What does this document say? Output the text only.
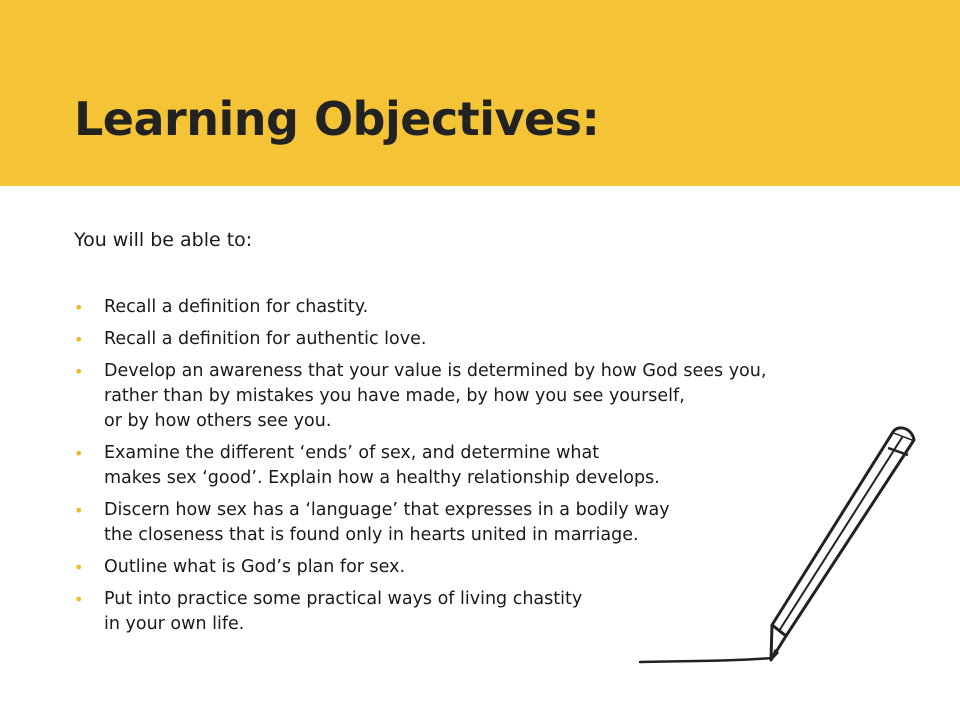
Learning Objectives:

You will be able to:

• Recall a definition for chastity.
• Recall a definition for authentic love.
• Develop an awareness that your value is determined by how God sees you,
rather than by mistakes you have made, by how you see yourself,
or by how others see you.
• Examine the different ‘ends’ of sex, and determine what
makes sex ‘good’. Explain how a healthy relationship develops.
• Discern how sex has a ‘language’ that expresses in a bodily way
the closeness that is found only in hearts united in marriage.
• Outline what is God’s plan for sex.
• Put into practice some practical ways of living chastity
in your own life.
